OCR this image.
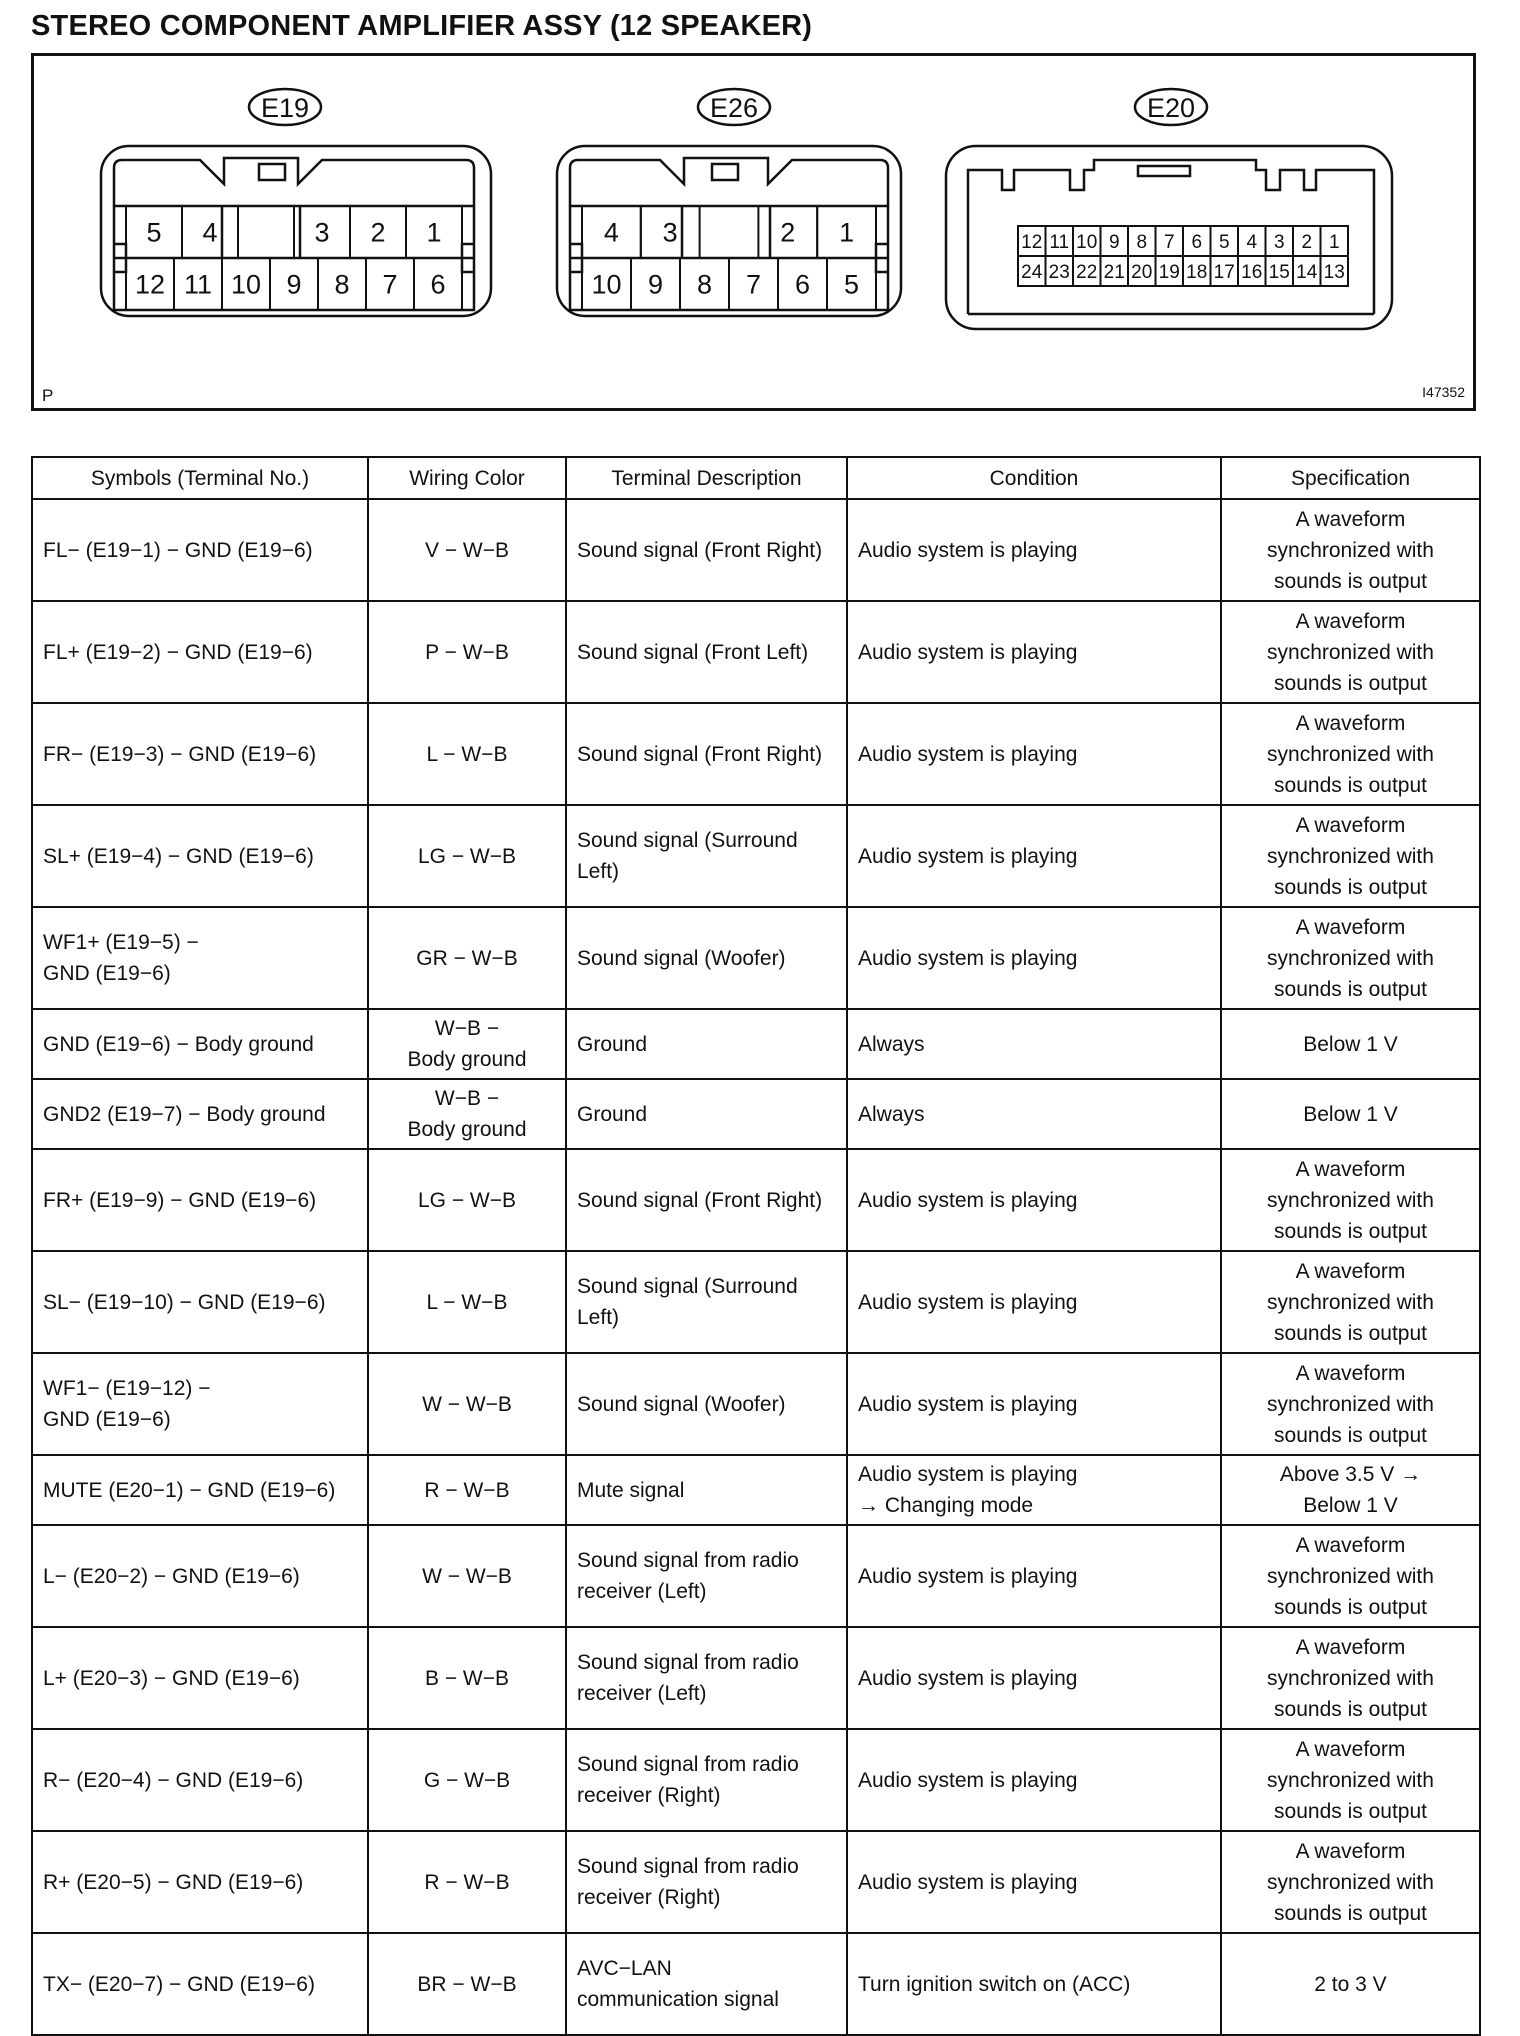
STEREO COMPONENT AMPLIFIER ASSY (12 SPEAKER)
5 4	3 2 1
12 11 10 9 8 7 6
4 3	2 1
10 9 8 7 6 5
12 11 10 9 8 7 6 5 4 3 2 1
24 23 22 21 20 19 18 17 16 15 14 13
E19	E26	E20
P	I47352
Symbols (Terminal No.)	Wiring Color	Terminal Description	Condition	Specification
FL− (E19−1) − GND (E19−6)	V − W−B	Sound signal (Front Right)	Audio system is playing	A waveform
synchronized with
sounds is output
FL+ (E19−2) − GND (E19−6)	P − W−B	Sound signal (Front Left)	Audio system is playing	A waveform
synchronized with
sounds is output
FR− (E19−3) − GND (E19−6)	L − W−B	Sound signal (Front Right)	Audio system is playing	A waveform
synchronized with
sounds is output
SL+ (E19−4) − GND (E19−6)	LG − W−B	Sound signal (Surround
Left)	Audio system is playing	A waveform
synchronized with
sounds is output
WF1+ (E19−5) −
GND (E19−6)	GR − W−B	Sound signal (Woofer)	Audio system is playing	A waveform
synchronized with
sounds is output
GND (E19−6) − Body ground	W−B −
Body ground	Ground	Always	Below 1 V
GND2 (E19−7) − Body ground	W−B −
Body ground	Ground	Always	Below 1 V
FR+ (E19−9) − GND (E19−6)	LG − W−B	Sound signal (Front Right)	Audio system is playing	A waveform
synchronized with
sounds is output
SL− (E19−10) − GND (E19−6)	L − W−B	Sound signal (Surround
Left)	Audio system is playing	A waveform
synchronized with
sounds is output
WF1− (E19−12) −
GND (E19−6)	W − W−B	Sound signal (Woofer)	Audio system is playing	A waveform
synchronized with
sounds is output
MUTE (E20−1) − GND (E19−6)	R − W−B	Mute signal	Audio system is playing
→ Changing mode	Above 3.5 V →
Below 1 V
L− (E20−2) − GND (E19−6)	W − W−B	Sound signal from radio
receiver (Left)	Audio system is playing	A waveform
synchronized with
sounds is output
L+ (E20−3) − GND (E19−6)	B − W−B	Sound signal from radio
receiver (Left)	Audio system is playing	A waveform
synchronized with
sounds is output
R− (E20−4) − GND (E19−6)	G − W−B	Sound signal from radio
receiver (Right)	Audio system is playing	A waveform
synchronized with
sounds is output
R+ (E20−5) − GND (E19−6)	R − W−B	Sound signal from radio
receiver (Right)	Audio system is playing	A waveform
synchronized with
sounds is output
TX− (E20−7) − GND (E19−6)	BR − W−B	AVC−LAN
communication signal	Turn ignition switch on (ACC)	2 to 3 V
